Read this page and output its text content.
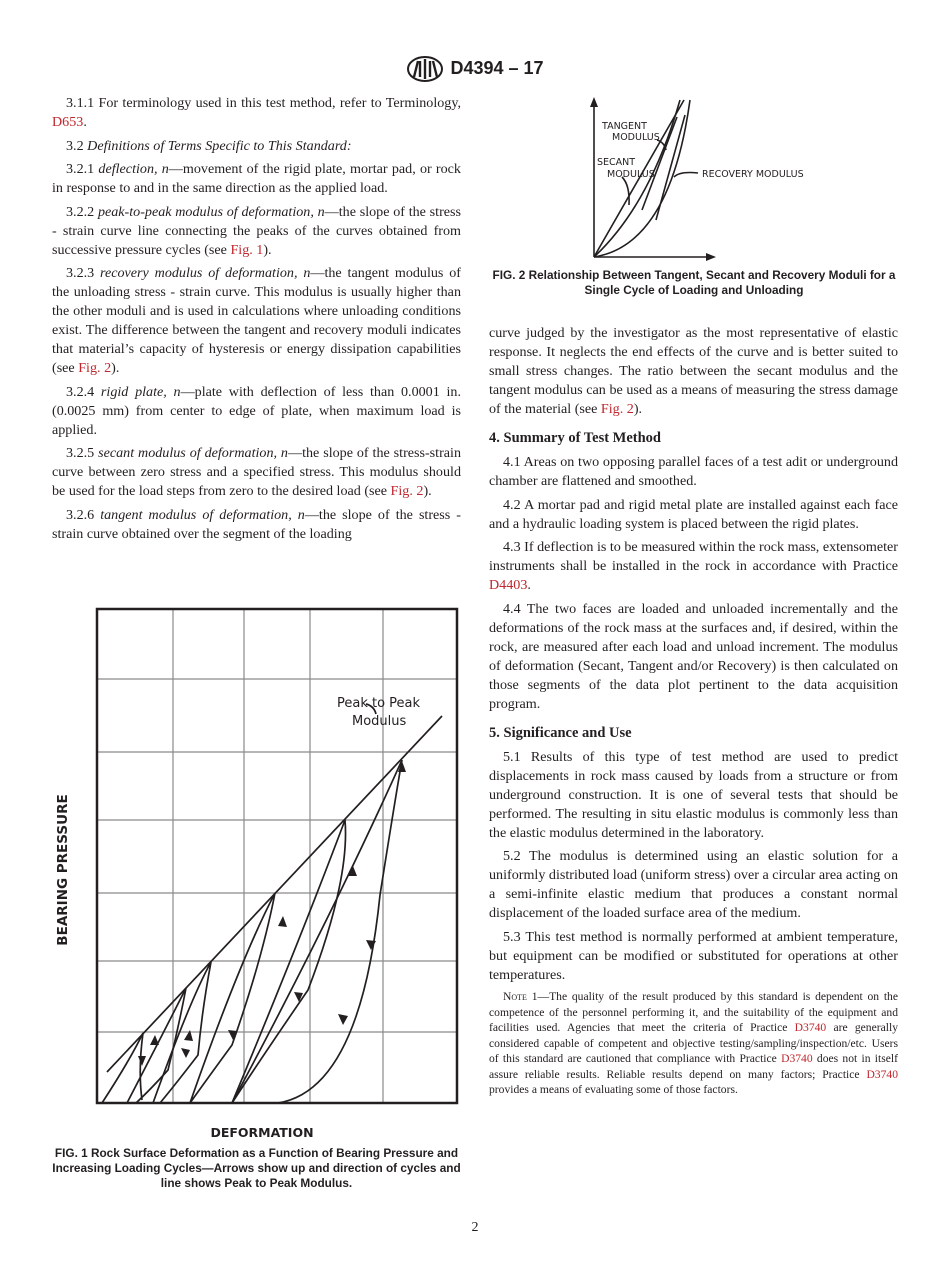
D4394 – 17

3.1.1 For terminology used in this test method, refer to Terminology, D653.

3.2 Definitions of Terms Specific to This Standard:

3.2.1 deflection, n—movement of the rigid plate, mortar pad, or rock in response to and in the same direction as the applied load.

3.2.2 peak-to-peak modulus of deformation, n—the slope of the stress - strain curve line connecting the peaks of the curves obtained from successive pressure cycles (see Fig. 1).

3.2.3 recovery modulus of deformation, n—the tangent modulus of the unloading stress - strain curve. This modulus is usually higher than the other moduli and is used in calculations where unloading conditions exist. The difference between the tangent and recovery moduli indicates that material’s capacity of hysteresis or energy dissipation capabilities (see Fig. 2).

3.2.4 rigid plate, n—plate with deflection of less than 0.0001 in. (0.0025 mm) from center to edge of plate, when maximum load is applied.

3.2.5 secant modulus of deformation, n—the slope of the stress-strain curve between zero stress and a specified stress. This modulus should be used for the load steps from zero to the desired load (see Fig. 2).

3.2.6 tangent modulus of deformation, n—the slope of the stress - strain curve obtained over the segment of the loading

TANGENT
MODULUS
SECANT
MODULUS	RECOVERY MODULUS
FIG. 2 Relationship Between Tangent, Secant and Recovery Moduli for a Single Cycle of Loading and Unloading

curve judged by the investigator as the most representative of elastic response. It neglects the end effects of the curve and is better suited to small stress changes. The ratio between the secant modulus and the tangent modulus can be used as a means of measuring the stress damage of the material (see Fig. 2).

4. Summary of Test Method

4.1 Areas on two opposing parallel faces of a test adit or underground chamber are flattened and smoothed.

4.2 A mortar pad and rigid metal plate are installed against each face and a hydraulic loading system is placed between the rigid plates.

4.3 If deflection is to be measured within the rock mass, extensometer instruments shall be installed in the rock in accordance with Practice D4403.

4.4 The two faces are loaded and unloaded incrementally and the deformations of the rock mass at the surfaces and, if desired, within the rock, are measured after each load and unload increment. The modulus of deformation (Secant, Tangent and/or Recovery) is then calculated on those segments of the data plot pertinent to the data acquisition program.

5. Significance and Use

5.1 Results of this type of test method are used to predict displacements in rock mass caused by loads from a structure or from underground construction. It is one of several tests that should be performed. The resulting in situ elastic modulus is commonly less than the elastic modulus determined in the laboratory.

5.2 The modulus is determined using an elastic solution for a uniformly distributed load (uniform stress) over a circular area acting on a semi-infinite elastic medium that produces a constant normal displacement of the loaded surface area of the medium.

5.3 This test method is normally performed at ambient temperature, but equipment can be modified or substituted for operations at other temperatures.

Note 1—The quality of the result produced by this standard is dependent on the competence of the personnel performing it, and the suitability of the equipment and facilities used. Agencies that meet the criteria of Practice D3740 are generally considered capable of competent and objective testing/sampling/inspection/etc. Users of this standard are cautioned that compliance with Practice D3740 does not in itself assure reliable results. Reliable results depend on many factors; Practice D3740 provides a means of evaluating some of those factors.

Peak to Peak
Modulus
BEARING PRESSURE
DEFORMATION
FIG. 1 Rock Surface Deformation as a Function of Bearing Pressure and Increasing Loading Cycles—Arrows show up and direction of cycles and line shows Peak to Peak Modulus.
2
